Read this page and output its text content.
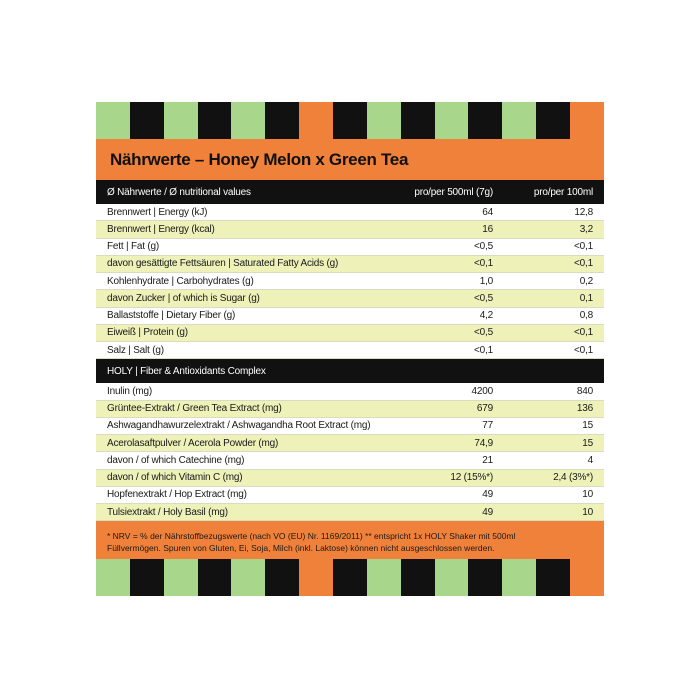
Nährwerte – Honey Melon x Green Tea
Ø Nährwerte / Ø nutritional values	pro/per 500ml (7g)	pro/per 100ml
Brennwert | Energy (kJ)	64	12,8
Brennwert | Energy (kcal)	16	3,2
Fett | Fat (g)	<0,5	<0,1
davon gesättigte Fettsäuren | Saturated Fatty Acids (g)	<0,1	<0,1
Kohlenhydrate | Carbohydrates (g)	1,0	0,2
davon Zucker | of which is Sugar (g)	<0,5	0,1
Ballaststoffe | Dietary Fiber (g)	4,2	0,8
Eiweiß | Protein (g)	<0,5	<0,1
Salz | Salt (g)	<0,1	<0,1
HOLY | Fiber & Antioxidants Complex
Inulin (mg)	4200	840
Grüntee-Extrakt / Green Tea Extract (mg)	679	136
Ashwagandhawurzelextrakt / Ashwagandha Root Extract (mg)	77	15
Acerolasaftpulver / Acerola Powder (mg)	74,9	15
davon / of which Catechine (mg)	21	4
davon / of which Vitamin C (mg)	12 (15%*)	2,4 (3%*)
Hopfenextrakt / Hop Extract (mg)	49	10
Tulsiextrakt / Holy Basil (mg)	49	10

* NRV = % der Nährstoffbezugswerte (nach VO (EU) Nr. 1169/2011) ** entspricht 1x HOLY Shaker mit 500ml

Füllvermögen. Spuren von Gluten, Ei, Soja, Milch (inkl. Laktose) können nicht ausgeschlossen werden.
